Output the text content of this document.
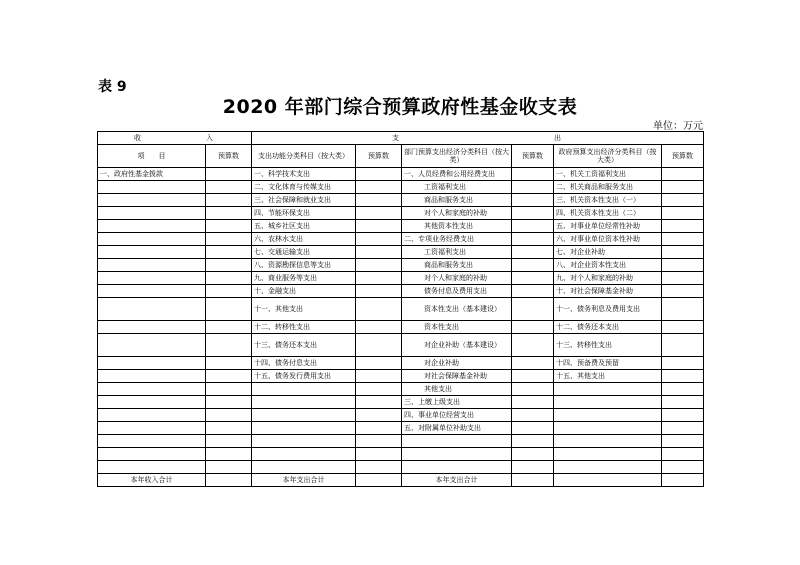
表 9
2020 年部门综合预算政府性基金收支表
单位：万元
收　　　　　　　入		支　　　　　　　　　　　　　　　　　出					
项　　目	预算数	支出功能分类科目（按大类）	预算数	部门预算支出经济分类科目（按大类）	预算数	政府预算支出经济分类科目（按大类）	预算数
一、政府性基金拨款		一、科学技术支出		一、人员经费和公用经费支出		一、机关工资福利支出	
		二、文化体育与传媒支出		工资福利支出		二、机关商品和服务支出	
		三、社会保障和就业支出		商品和服务支出		三、机关资本性支出（一）	
		四、节能环保支出		对个人和家庭的补助		四、机关资本性支出（二）	
		五、城乡社区支出		其他资本性支出		五、对事业单位经常性补助	
		六、农林水支出		二、专项业务经费支出		六、对事业单位资本性补助	
		七、交通运输支出		工资福利支出		七、对企业补助	
		八、资源勘探信息等支出		商品和服务支出		八、对企业资本性支出	
		九、商业服务等支出		对个人和家庭的补助		九、对个人和家庭的补助	
		十、金融支出		债务付息及费用支出		十、对社会保障基金补助	
		十一、其他支出		资本性支出（基本建设）		十一、债务利息及费用支出	
		十二、转移性支出		资本性支出		十二、债务还本支出	
		十三、债务还本支出		对企业补助（基本建设）		十三、转移性支出	
		十四、债务付息支出		对企业补助		十四、预备费及预留	
		十五、债务发行费用支出		对社会保障基金补助		十五、其他支出	
				其他支出			
				三、上缴上级支出			
				四、事业单位经营支出			
				五、对附属单位补助支出			

本年收入合计		本年支出合计		本年支出合计			
